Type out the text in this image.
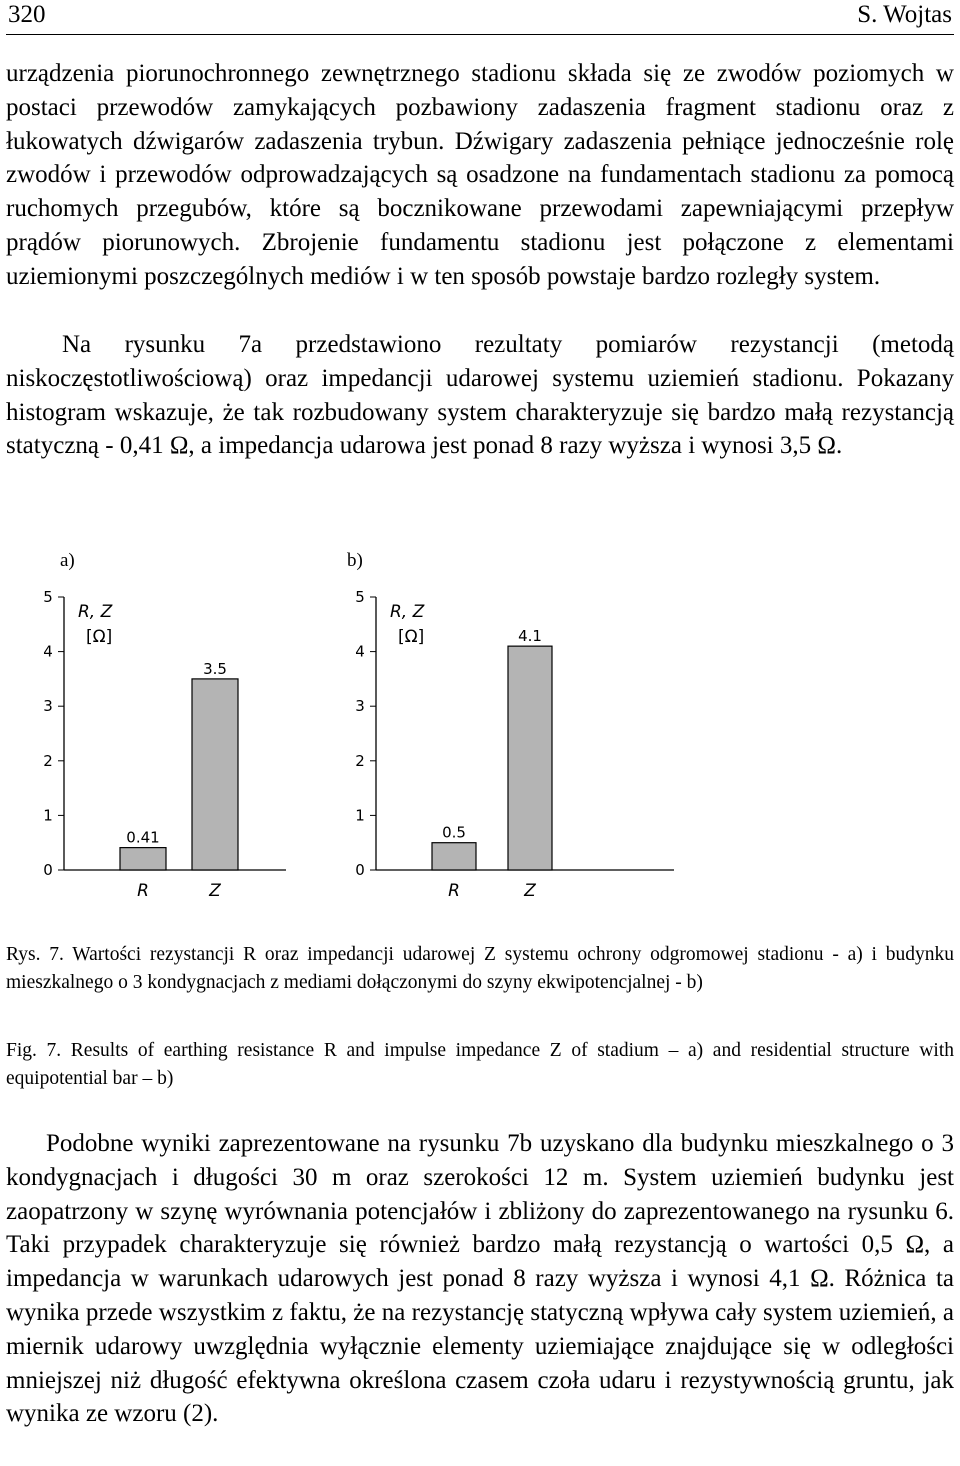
320	S. Wojtas

urządzenia piorunochronnego zewnętrznego stadionu składa się ze zwodów poziomych w postaci przewodów zamykających pozbawiony zadaszenia fragment stadionu oraz z łukowatych dźwigarów zadaszenia trybun. Dźwigary zadaszenia pełniące jednocześnie rolę zwodów i przewodów odprowadzających są osadzone na fundamentach stadionu za pomocą ruchomych przegubów, które są bocznikowane przewodami zapewniającymi przepływ prądów piorunowych. Zbrojenie fundamentu stadionu jest połączone z elementami uziemionymi poszczególnych mediów i w ten sposób powstaje bardzo rozległy system.

Na rysunku 7a przedstawiono rezultaty pomiarów rezystancji (metodą niskoczęstotliwościową) oraz impedancji udarowej systemu uziemień stadionu. Pokazany histogram wskazuje, że tak rozbudowany system charakteryzuje się bardzo małą rezystancją statyczną - 0,41 Ω, a impedancja udarowa jest ponad 8 razy wyższa i wynosi 3,5 Ω.

a)	b)
0
1
2
3
4
5
R, Z
[Ω]
0.41
R
3.5
Z
0
1
2
3
4
5
R, Z
[Ω]
0.5
R
4.1
Z

Rys. 7. Wartości rezystancji R oraz impedancji udarowej Z systemu ochrony odgromowej stadionu - a) i budynku mieszkalnego o 3 kondygnacjach z mediami dołączonymi do szyny ekwipotencjalnej - b)

Fig. 7. Results of earthing resistance R and impulse impedance Z of stadium – a) and residential structure with equipotential bar – b)

Podobne wyniki zaprezentowane na rysunku 7b uzyskano dla budynku mieszkalnego o 3 kondygnacjach i długości 30 m oraz szerokości 12 m. System uziemień budynku jest zaopatrzony w szynę wyrównania potencjałów i zbliżony do zaprezentowanego na rysunku 6. Taki przypadek charakteryzuje się również bardzo małą rezystancją o wartości 0,5 Ω, a impedancja w warunkach udarowych jest ponad 8 razy wyższa i wynosi 4,1 Ω. Różnica ta wynika przede wszystkim z faktu, że na rezystancję statyczną wpływa cały system uziemień, a miernik udarowy uwzględnia wyłącznie elementy uziemiające znajdujące się w odległości mniejszej niż długość efektywna określona czasem czoła udaru i rezystywnością gruntu, jak wynika ze wzoru (2).
